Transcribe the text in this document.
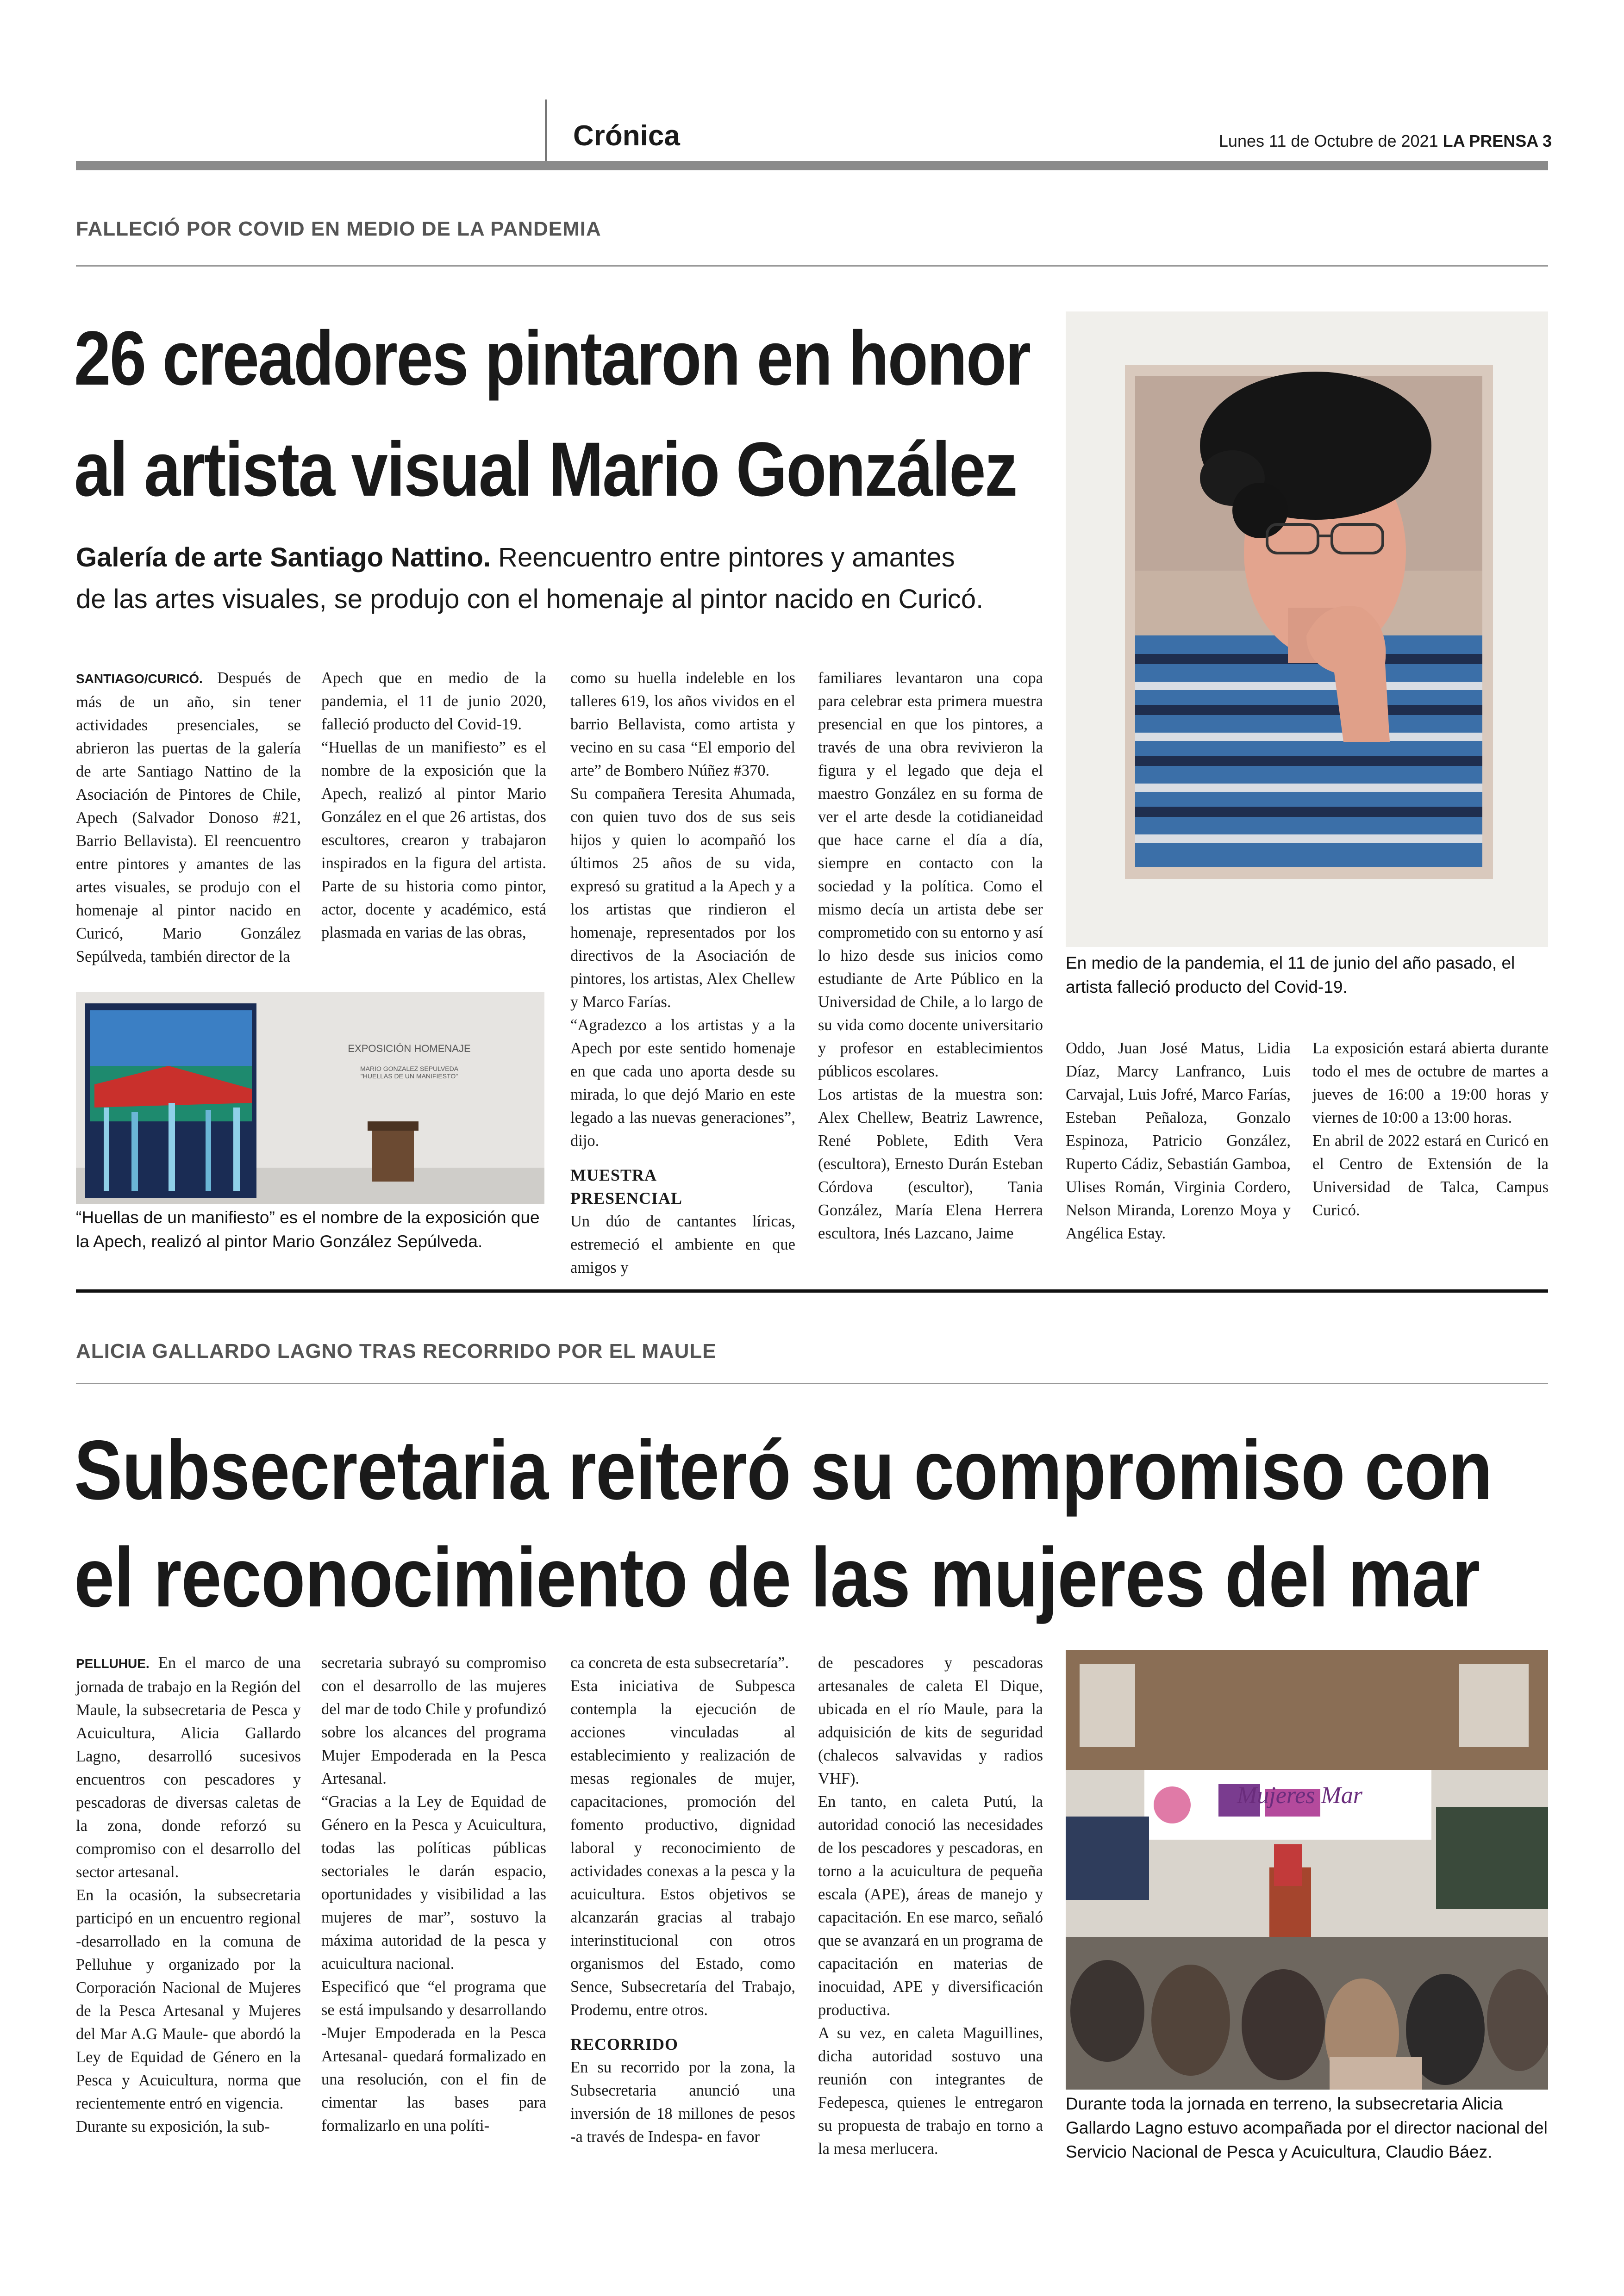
Crónica	Lunes 11 de Octubre de 2021 LA PRENSA 3
FALLECIÓ POR COVID EN MEDIO DE LA PANDEMIA
26 creadores pintaron en honor
al artista visual Mario González
Galería de arte Santiago Nattino. Reencuentro entre pintores y amantes
de las artes visuales, se produjo con el homenaje al pintor nacido en Curicó.

SANTIAGO/CURICÓ. Después de más de un año, sin tener actividades presenciales, se abrieron las puertas de la galería de arte Santiago Nattino de la Asociación de Pintores de Chile, Apech (Salvador Donoso #21, Barrio Bellavista). El reencuentro entre pintores y amantes de las artes visuales, se produjo con el homenaje al pintor nacido en Curicó, Mario González Sepúlveda, también director de la

Apech que en medio de la pandemia, el 11 de junio 2020, falleció producto del Covid-19.

“Huellas de un manifiesto” es el nombre de la exposición que la Apech, realizó al pintor Mario González en el que 26 artistas, dos escultores, crearon y trabajaron inspirados en la figura del artista. Parte de su historia como pintor, actor, docente y académico, está plasmada en varias de las obras,

como su huella indeleble en los talleres 619, los años vividos en el barrio Bellavista, como artista y vecino en su casa “El emporio del arte” de Bombero Núñez #370.

Su compañera Teresita Ahumada, con quien tuvo dos de sus seis hijos y quien lo acompañó los últimos 25 años de su vida, expresó su gratitud a la Apech y a los artistas que rindieron el homenaje, representados por los directivos de la Asociación de pintores, los artistas, Alex Chellew y Marco Farías.

“Agradezco a los artistas y a la Apech por este sentido homenaje en que cada uno aporta desde su mirada, lo que dejó Mario en este legado a las nuevas generaciones”, dijo.

MUESTRA
PRESENCIAL

Un dúo de cantantes líricas, estremeció el ambiente en que amigos y

familiares levantaron una copa para celebrar esta primera muestra presencial en que los pintores, a través de una obra revivieron la figura y el legado que deja el maestro González en su forma de ver el arte desde la cotidianeidad que hace carne el día a día, siempre en contacto con la sociedad y la política. Como el mismo decía un artista debe ser comprometido con su entorno y así lo hizo desde sus inicios como estudiante de Arte Público en la Universidad de Chile, a lo largo de su vida como docente universitario y profesor en establecimientos públicos escolares.

Los artistas de la muestra son: Alex Chellew, Beatriz Lawrence, René Poblete, Edith Vera (escultora), Ernesto Durán Esteban Córdova (escultor), Tania González, María Elena Herrera escultora, Inés Lazcano, Jaime

Oddo, Juan José Matus, Lidia Díaz, Marcy Lanfranco, Luis Carvajal, Luis Jofré, Marco Farías, Esteban Peñaloza, Gonzalo Espinoza, Patricio González, Ruperto Cádiz, Sebastián Gamboa, Ulises Román, Virginia Cordero, Nelson Miranda, Lorenzo Moya y Angélica Estay.

La exposición estará abierta durante todo el mes de octubre de martes a jueves de 16:00 a 19:00 horas y viernes de 10:00 a 13:00 horas.

En abril de 2022 estará en Curicó en el Centro de Extensión de la Universidad de Talca, Campus Curicó.

En medio de la pandemia, el 11 de junio del año pasado, el artista falleció producto del Covid-19.
EXPOSICIÓN HOMENAJE
MARIO GONZALEZ SEPULVEDA
"HUELLAS DE UN MANIFIESTO"
“Huellas de un manifiesto” es el nombre de la exposición que la Apech, realizó al pintor Mario González Sepúlveda.
ALICIA GALLARDO LAGNO TRAS RECORRIDO POR EL MAULE
Subsecretaria reiteró su compromiso con
el reconocimiento de las mujeres del mar

PELLUHUE. En el marco de una jornada de trabajo en la Región del Maule, la subsecretaria de Pesca y Acuicultura, Alicia Gallardo Lagno, desarrolló sucesivos encuentros con pescadores y pescadoras de diversas caletas de la zona, donde reforzó su compromiso con el desarrollo del sector artesanal.

En la ocasión, la subsecretaria participó en un encuentro regional -desarrollado en la comuna de Pelluhue y organizado por la Corporación Nacional de Mujeres de la Pesca Artesanal y Mujeres del Mar A.G Maule- que abordó la Ley de Equidad de Género en la Pesca y Acuicultura, norma que recientemente entró en vigencia.

Durante su exposición, la sub-

secretaria subrayó su compromiso con el desarrollo de las mujeres del mar de todo Chile y profundizó sobre los alcances del programa Mujer Empoderada en la Pesca Artesanal.

“Gracias a la Ley de Equidad de Género en la Pesca y Acuicultura, todas las políticas públicas sectoriales le darán espacio, oportunidades y visibilidad a las mujeres de mar”, sostuvo la máxima autoridad de la pesca y acuicultura nacional.

Especificó que “el programa que se está impulsando y desarrollando -Mujer Empoderada en la Pesca Artesanal- quedará formalizado en una resolución, con el fin de cimentar las bases para formalizarlo en una políti-

ca concreta de esta subsecretaría”.

Esta iniciativa de Subpesca contempla la ejecución de acciones vinculadas al establecimiento y realización de mesas regionales de mujer, capacitaciones, promoción del fomento productivo, dignidad laboral y reconocimiento de actividades conexas a la pesca y la acuicultura. Estos objetivos se alcanzarán gracias al trabajo interinstitucional con otros organismos del Estado, como Sence, Subsecretaría del Trabajo, Prodemu, entre otros.

RECORRIDO

En su recorrido por la zona, la Subsecretaria anunció una inversión de 18 millones de pesos -a través de Indespa- en favor

de pescadores y pescadoras artesanales de caleta El Dique, ubicada en el río Maule, para la adquisición de kits de seguridad (chalecos salvavidas y radios VHF).

En tanto, en caleta Putú, la autoridad conoció las necesidades de los pescadores y pescadoras, en torno a la acuicultura de pequeña escala (APE), áreas de manejo y capacitación. En ese marco, señaló que se avanzará en un programa de capacitación en materias de inocuidad, APE y diversificación productiva.

A su vez, en caleta Maguillines, dicha autoridad sostuvo una reunión con integrantes de Fedepesca, quienes le entregaron su propuesta de trabajo en torno a la mesa merlucera.

Mujeres Mar
Durante toda la jornada en terreno, la subsecretaria Alicia Gallardo Lagno estuvo acompañada por el director nacional del Servicio Nacional de Pesca y Acuicultura, Claudio Báez.
